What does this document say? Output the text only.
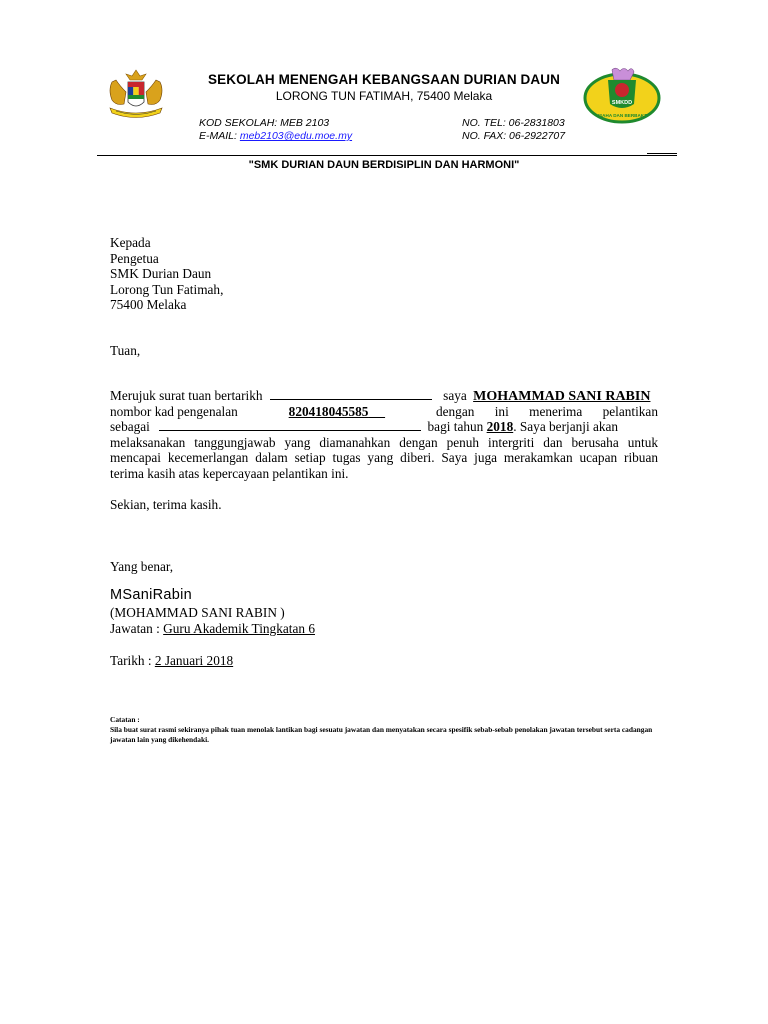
SMKDD
USAHA DAN BERBAKTI
SEKOLAH MENENGAH KEBANGSAAN DURIAN DAUN
LORONG TUN FATIMAH, 75400 Melaka
KOD SEKOLAH: MEB 2103
E-MAIL: meb2103@edu.moe.my
NO. TEL: 06-2831803
NO. FAX: 06-2922707
"SMK DURIAN DAUN BERDISIPLIN DAN HARMONI"
Kepada
Pengetua
SMK Durian Daun
Lorong Tun Fatimah,
75400 Melaka
Tuan,
Merujuk surat tuan bertarikh	saya MOHAMMAD SANI RABIN
nombor kad pengenalan	820418045585	dengan ini menerima pelantikan
sebagai	bagi tahun 2018. Saya berjanji akan
melaksanakan tanggungjawab yang diamanahkan dengan penuh intergriti dan berusaha untuk
mencapai kecemerlangan dalam setiap tugas yang diberi. Saya juga merakamkan ucapan ribuan
terima kasih atas kepercayaan pelantikan ini.
Sekian, terima kasih.
Yang benar,
MSaniRabin
(MOHAMMAD SANI RABIN )
Jawatan : Guru Akademik Tingkatan 6
Tarikh : 2 Januari 2018
Catatan :
Sila buat surat rasmi sekiranya pihak tuan menolak lantikan bagi sesuatu jawatan dan menyatakan secara spesifik sebab-sebab penolakan jawatan tersebut serta cadangan jawatan lain yang dikehendaki.
